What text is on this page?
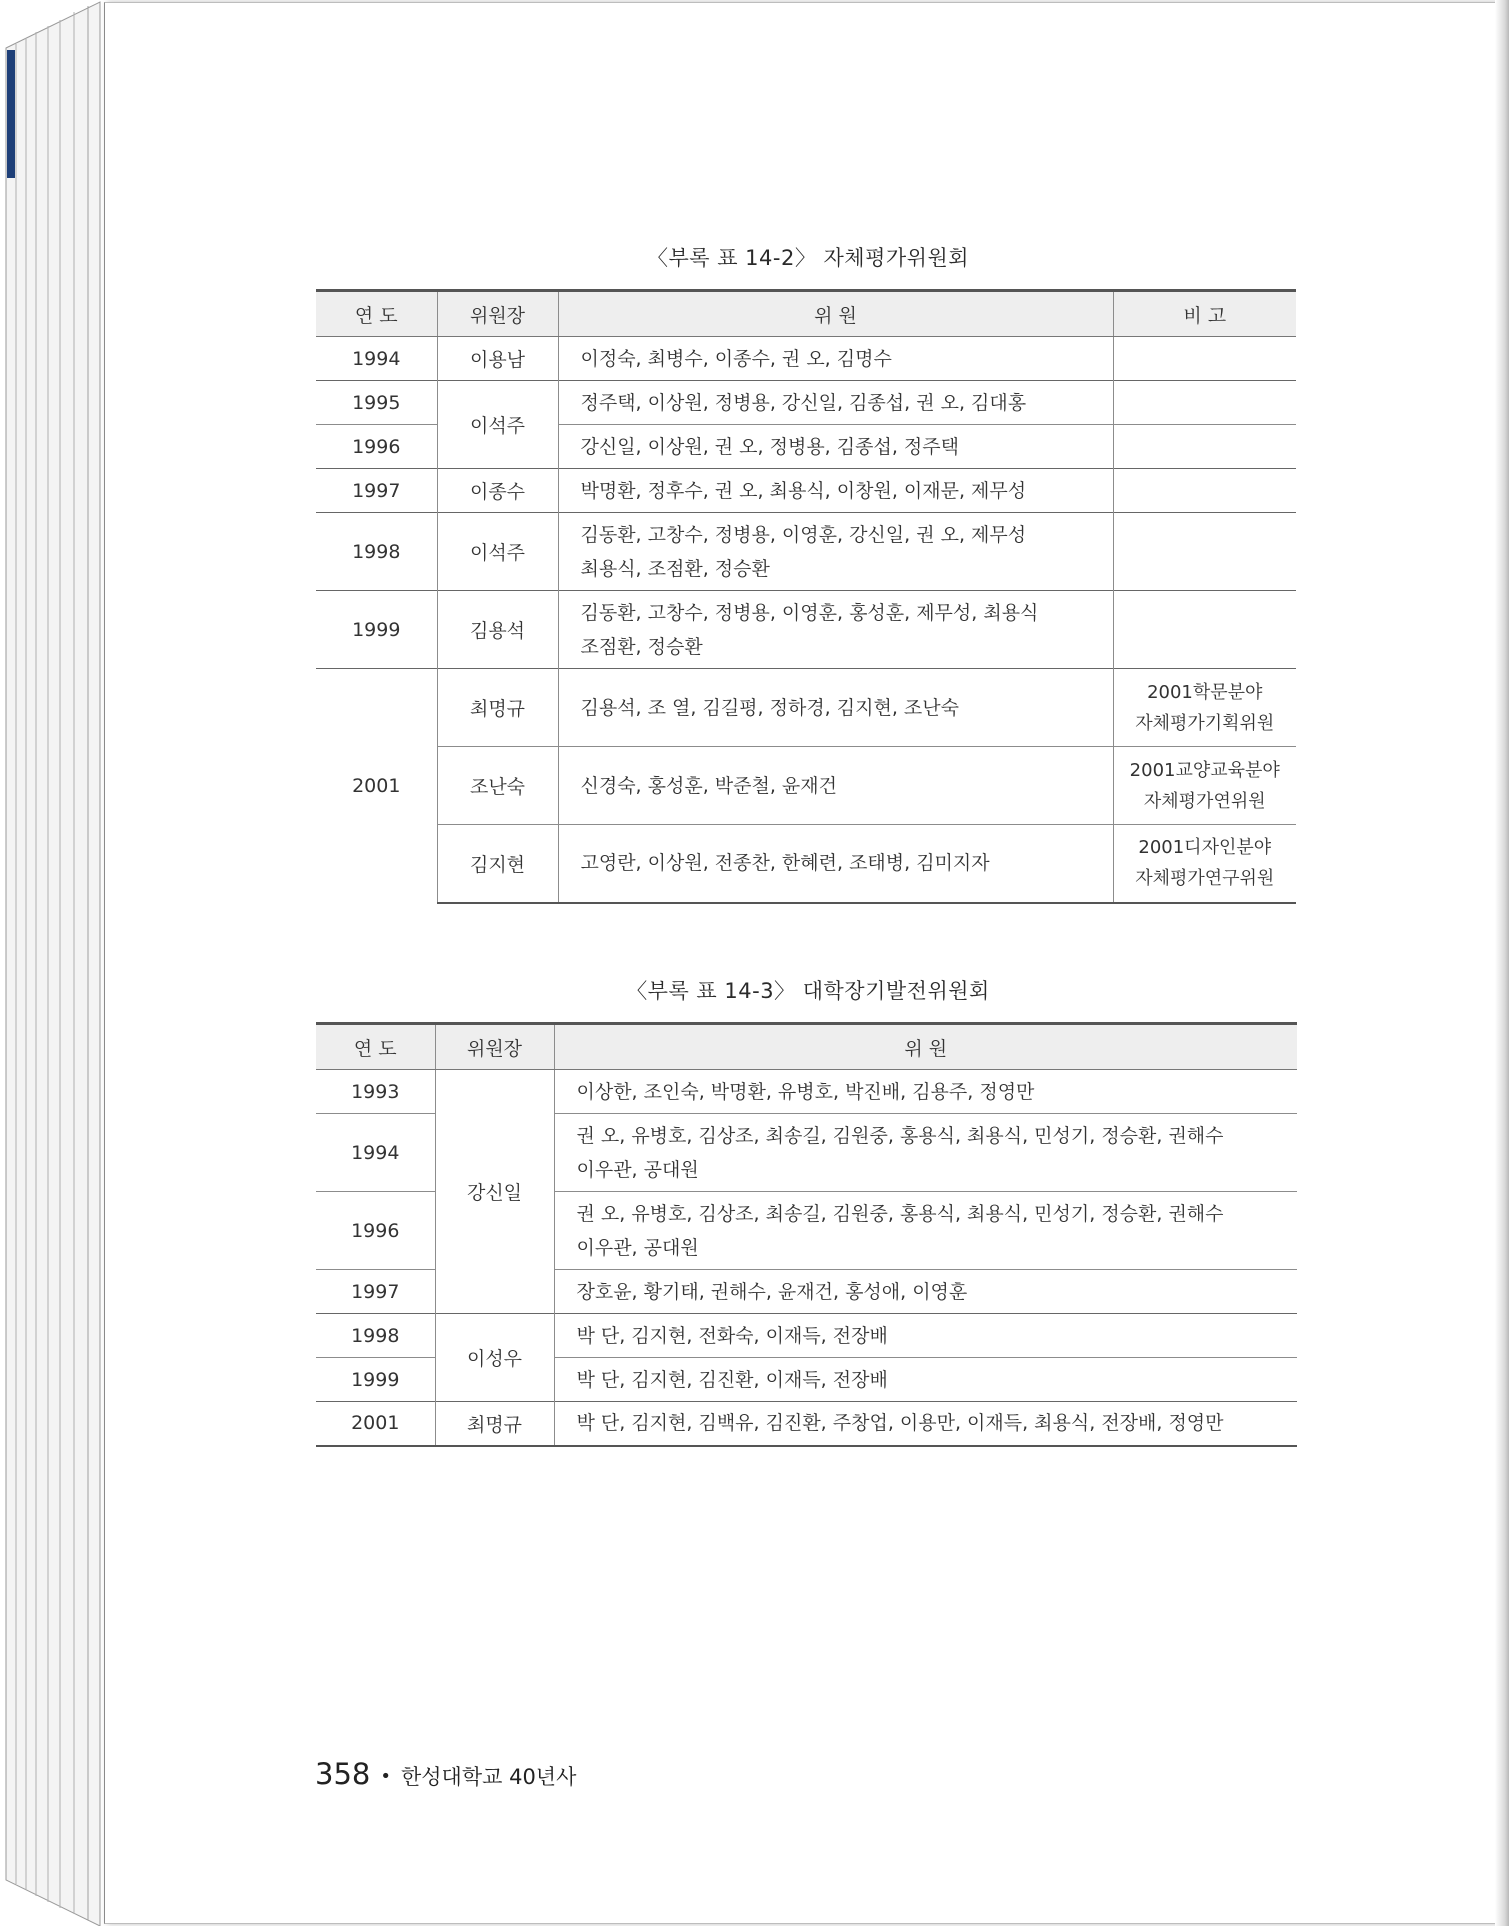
〈부록 표 14-2〉 자체평가위원회
연 도	위원장	위 원	비 고
1994	이용남	이정숙, 최병수, 이종수, 권 오, 김명수	
1995	이석주	정주택, 이상원, 정병용, 강신일, 김종섭, 권 오, 김대홍	
1996		강신일, 이상원, 권 오, 정병용, 김종섭, 정주택	
1997	이종수	박명환, 정후수, 권 오, 최용식, 이창원, 이재문, 제무성	
1998	이석주	김동환, 고창수, 정병용, 이영훈, 강신일, 권 오, 제무성
최용식, 조점환, 정승환	

1999	김용석	김동환, 고창수, 정병용, 이영훈, 홍성훈, 제무성, 최용식
조점환, 정승환	

2001	최명규	김용석, 조 열, 김길평, 정하경, 김지현, 조난숙	2001학문분야
자체평가기획위원

	조난숙	신경숙, 홍성훈, 박준철, 윤재건	2001교양교육분야
자체평가연위원

	김지현	고영란, 이상원, 전종찬, 한혜련, 조태병, 김미지자	2001디자인분야
자체평가연구위원
〈부록 표 14-3〉 대학장기발전위원회
연 도	위원장	위 원
1993	강신일	이상한, 조인숙, 박명환, 유병호, 박진배, 김용주, 정영만
1994		권 오, 유병호, 김상조, 최송길, 김원중, 홍용식, 최용식, 민성기, 정승환, 권해수
이우관, 공대원

1996		권 오, 유병호, 김상조, 최송길, 김원중, 홍용식, 최용식, 민성기, 정승환, 권해수
이우관, 공대원

1997		장호윤, 황기태, 권해수, 윤재건, 홍성애, 이영훈
1998	이성우	박 단, 김지현, 전화숙, 이재득, 전장배
1999		박 단, 김지현, 김진환, 이재득, 전장배
2001	최명규	박 단, 김지현, 김백유, 김진환, 주창업, 이용만, 이재득, 최용식, 전장배, 정영만
358 • 한성대학교 40년사
